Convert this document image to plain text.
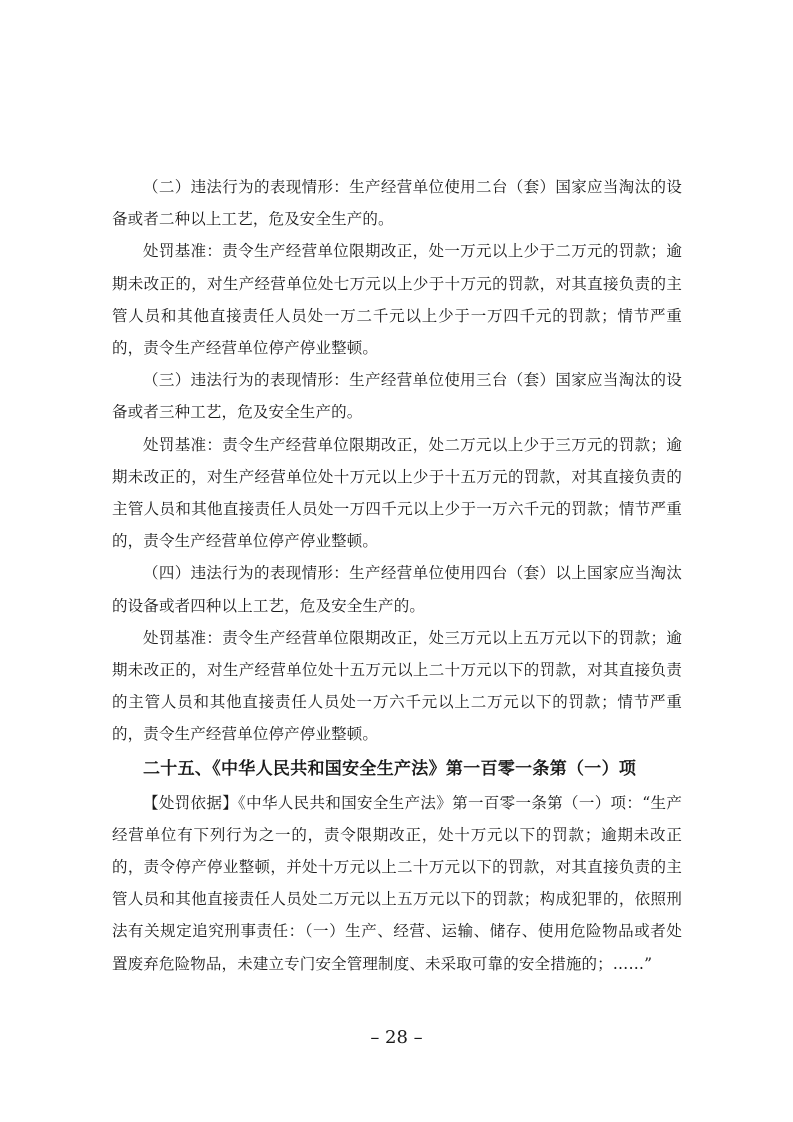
（二）违法行为的表现情形：生产经营单位使用二台（套）国家应当淘汰的设备或者二种以上工艺，危及安全生产的。

处罚基准：责令生产经营单位限期改正，处一万元以上少于二万元的罚款；逾期未改正的，对生产经营单位处七万元以上少于十万元的罚款，对其直接负责的主管人员和其他直接责任人员处一万二千元以上少于一万四千元的罚款；情节严重的，责令生产经营单位停产停业整顿。

（三）违法行为的表现情形：生产经营单位使用三台（套）国家应当淘汰的设备或者三种工艺，危及安全生产的。

处罚基准：责令生产经营单位限期改正，处二万元以上少于三万元的罚款；逾期未改正的，对生产经营单位处十万元以上少于十五万元的罚款，对其直接负责的主管人员和其他直接责任人员处一万四千元以上少于一万六千元的罚款；情节严重的，责令生产经营单位停产停业整顿。

（四）违法行为的表现情形：生产经营单位使用四台（套）以上国家应当淘汰的设备或者四种以上工艺，危及安全生产的。

处罚基准：责令生产经营单位限期改正，处三万元以上五万元以下的罚款；逾期未改正的，对生产经营单位处十五万元以上二十万元以下的罚款，对其直接负责的主管人员和其他直接责任人员处一万六千元以上二万元以下的罚款；情节严重的，责令生产经营单位停产停业整顿。

二十五、《中华人民共和国安全生产法》第一百零一条第（一）项

【处罚依据】《中华人民共和国安全生产法》第一百零一条第（一）项：“生产经营单位有下列行为之一的，责令限期改正，处十万元以下的罚款；逾期未改正的，责令停产停业整顿，并处十万元以上二十万元以下的罚款，对其直接负责的主管人员和其他直接责任人员处二万元以上五万元以下的罚款；构成犯罪的，依照刑法有关规定追究刑事责任：（一）生产、经营、运输、储存、使用危险物品或者处置废弃危险物品，未建立专门安全管理制度、未采取可靠的安全措施的；……”

– 28 –
